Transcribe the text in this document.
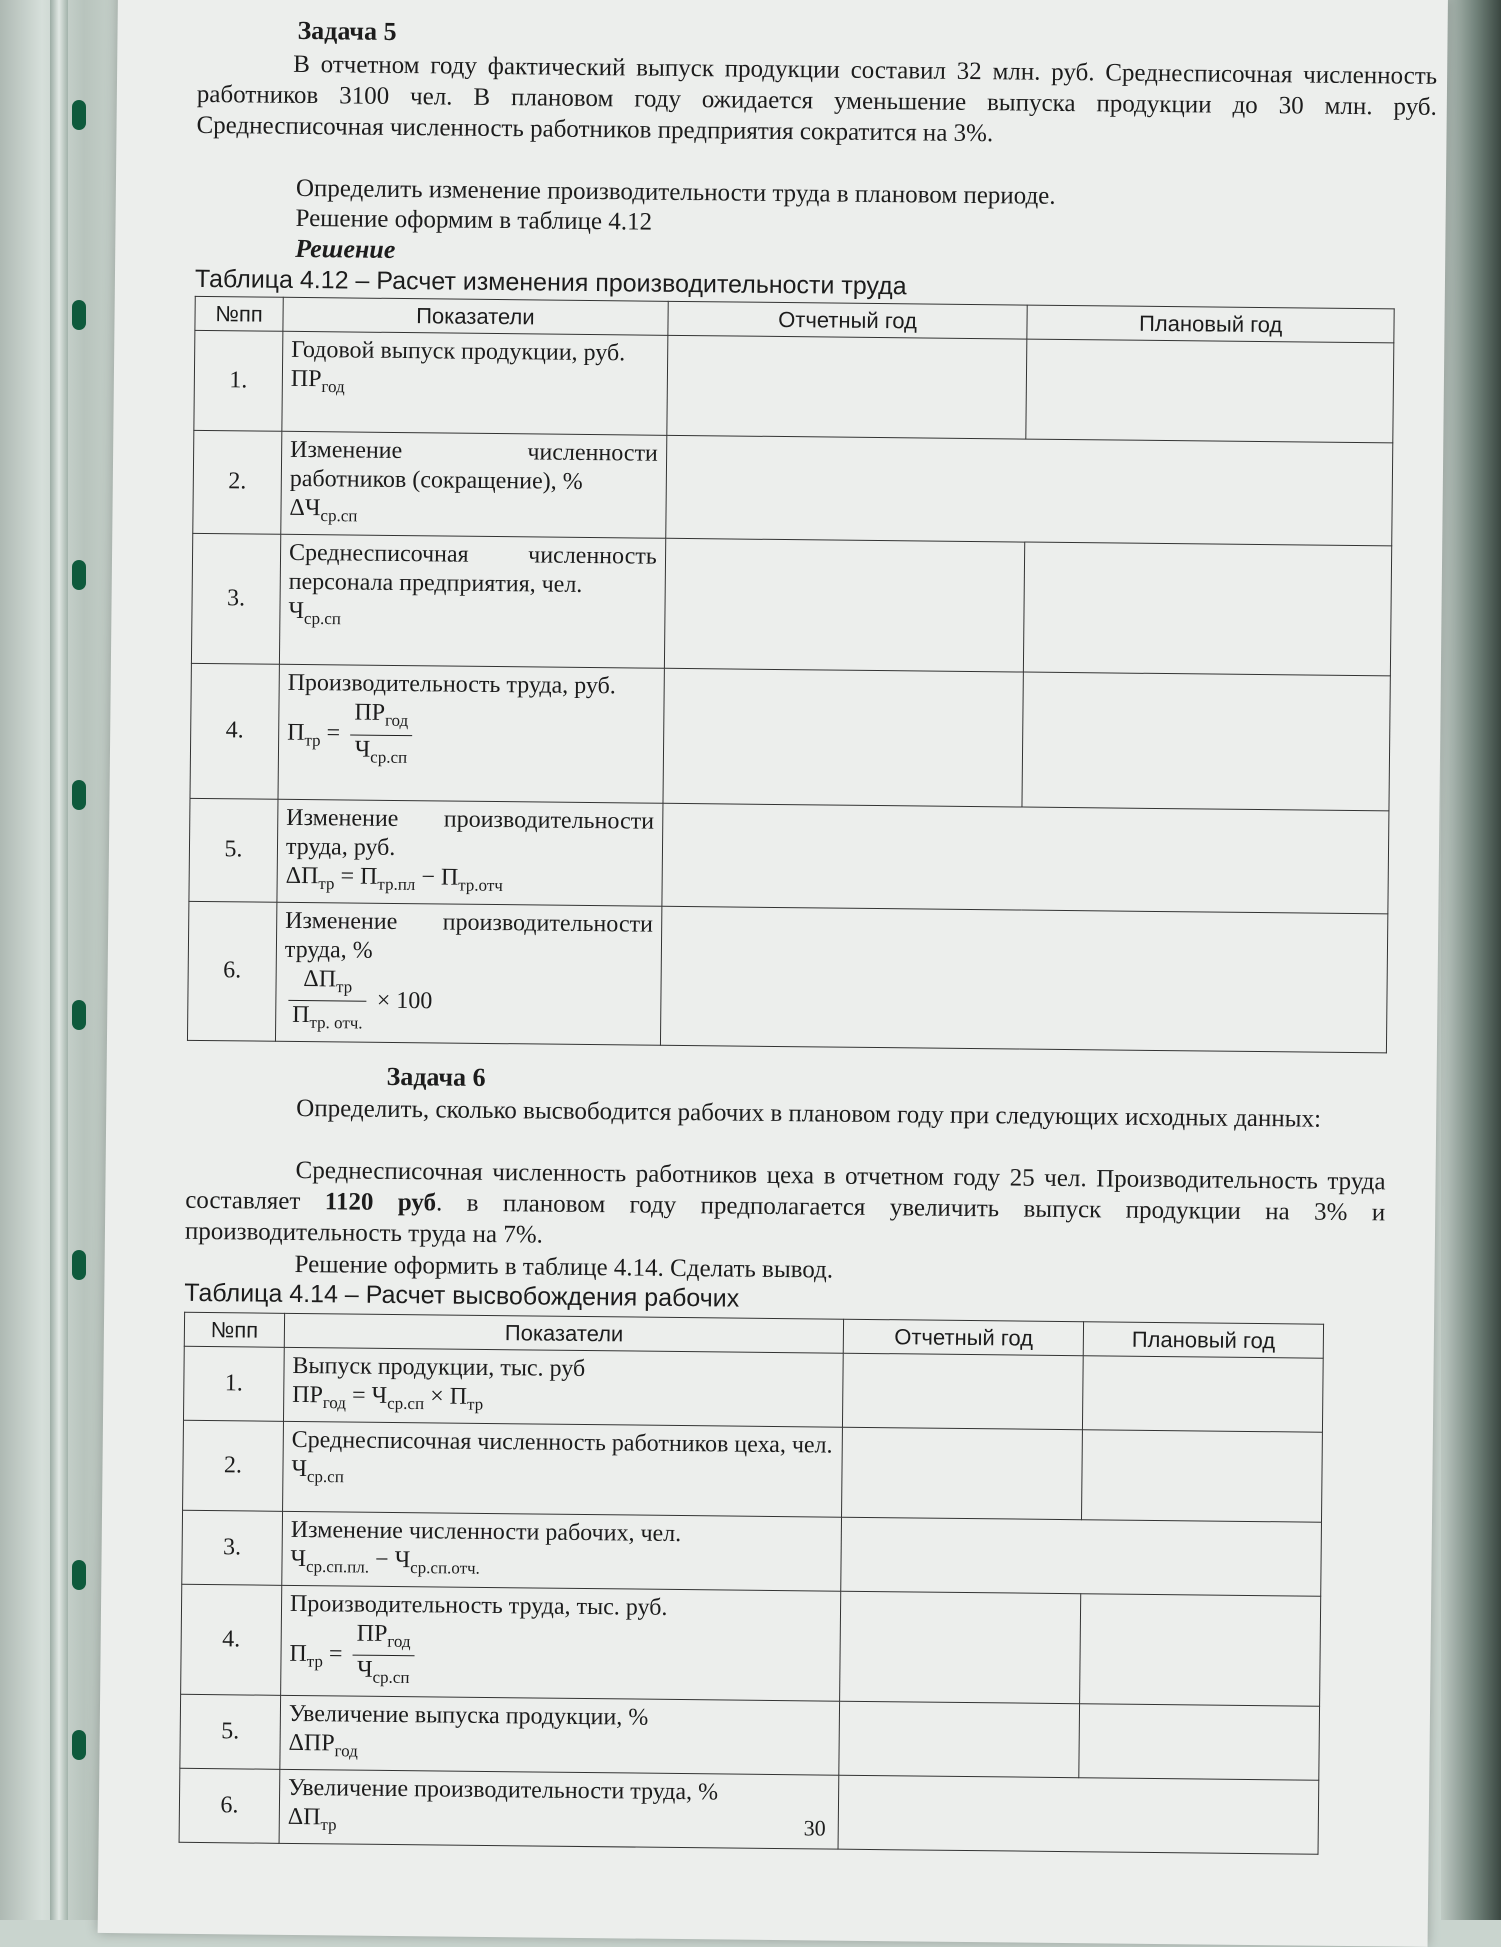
Задача 5
В отчетном году фактический выпуск продукции составил 32 млн. руб. Среднесписочная численность работников 3100 чел. В плановом году ожидается уменьшение выпуска продукции до 30 млн. руб. Среднесписочная численность работников предприятия сократится на 3%.
Определить изменение производительности труда в плановом периоде.
Решение оформим в таблице 4.12
Решение
Таблица 4.12 – Расчет изменения производительности труда
№пп	Показатели	Отчетный год	Плановый год
1.	Годовой выпуск продукции, руб.
$ПР_{год}$

2.	Изменение численности работников (сокращение), %
$\Delta Ч_{ср.сп}$

3.	Среднесписочная численность персонала предприятия, чел.
$Ч_{ср.сп}$

4.	Производительность труда, руб.
$П_{тр}$ =
$ПР_{год}$
$Ч_{ср.сп}$

5.	Изменение производительности труда, руб.
$\Delta П_{тр} = П_{тр.пл} - П_{тр.отч}$

6.	Изменение производительности труда, %
$\Delta П_{тр}$
$П_{тр. отч.}$
× 100		

Задача 6
Определить, сколько высвободится рабочих в плановом году при следующих исходных данных:
Среднесписочная численность работников цеха в отчетном году 25 чел. Производительность труда составляет 1120 руб. в плановом году предполагается увеличить выпуск продукции на 3% и производительность труда на 7%.
Решение оформить в таблице 4.14. Сделать вывод.
Таблица 4.14 – Расчет высвобождения рабочих
№пп	Показатели	Отчетный год	Плановый год
1.	Выпуск продукции, тыс. руб
$ПР_{год} = Ч_{ср.сп} \times П_{тр}$

2.	Среднесписочная численность работников цеха, чел.
$Ч_{ср.сп}$

3.	Изменение численности рабочих, чел.
$Ч_{ср.сп.пл.} - Ч_{ср.сп.отч.}$

4.	Производительность труда, тыс. руб.
$П_{тр}$ =
$ПР_{год}$
$Ч_{ср.сп}$

5.	Увеличение выпуска продукции, %
$\Delta ПР_{год}$

6.	Увеличение производительности труда, %
$\Delta П_{тр}$
		30
